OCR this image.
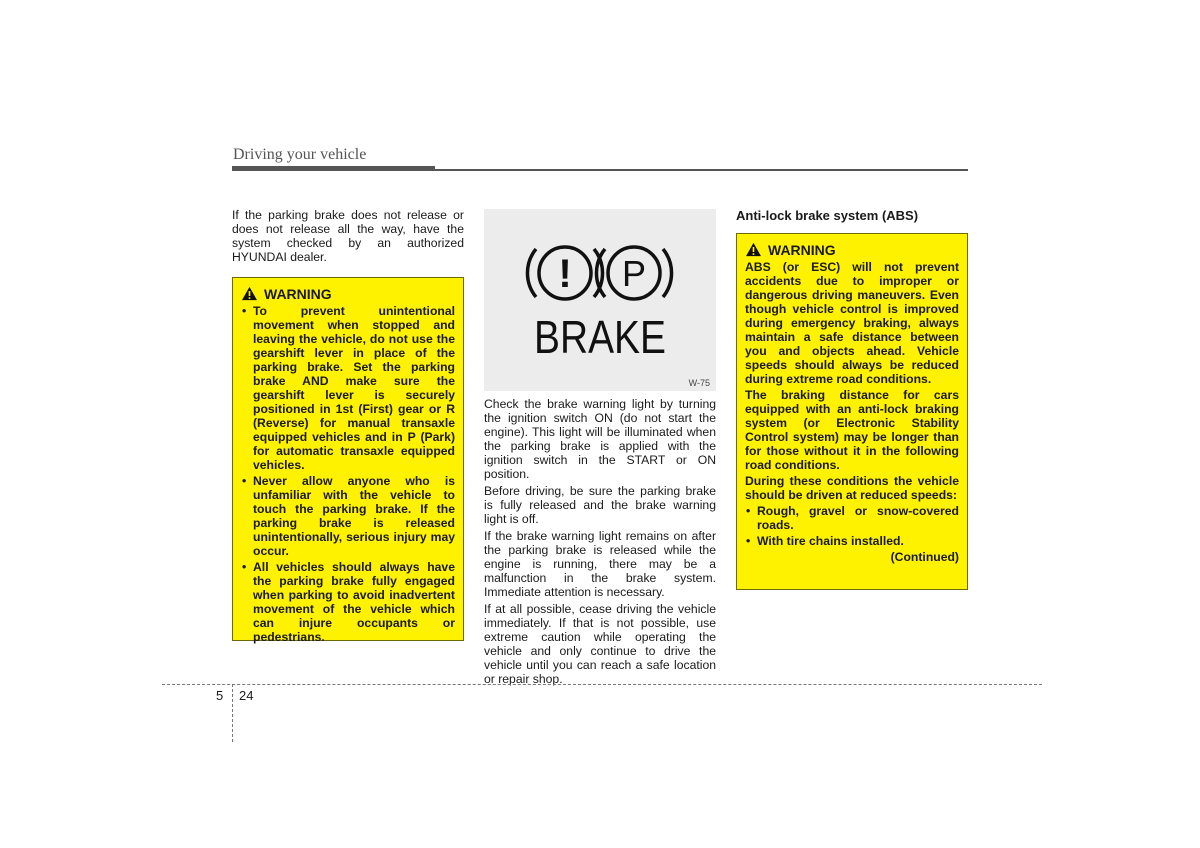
Driving your vehicle

If the parking brake does not release or does not release all the way, have the system checked by an authorized HYUNDAI dealer.

WARNING
• To prevent unintentional movement when stopped and leaving the vehicle, do not use the gearshift lever in place of the parking brake. Set the parking brake AND make sure the gearshift lever is securely positioned in 1st (First) gear or R (Reverse) for manual transaxle equipped vehicles and in P (Park) for automatic transaxle equipped vehicles.
• Never allow anyone who is unfamiliar with the vehicle to touch the parking brake. If the parking brake is released unintentionally, serious injury may occur.
• All vehicles should always have the parking brake fully engaged when parking to avoid inadvertent movement of the vehicle which can injure occupants or pedestrians.
! P
BRAKE
W-75

Check the brake warning light by turning the ignition switch ON (do not start the engine). This light will be illuminated when the parking brake is applied with the ignition switch in the START or ON position.

Before driving, be sure the parking brake is fully released and the brake warning light is off.

If the brake warning light remains on after the parking brake is released while the engine is running, there may be a malfunction in the brake system. Immediate attention is necessary.

If at all possible, cease driving the vehicle immediately. If that is not possible, use extreme caution while operating the vehicle and only continue to drive the vehicle until you can reach a safe location or repair shop.

Anti-lock brake system (ABS)
WARNING

ABS (or ESC) will not prevent accidents due to improper or dangerous driving maneuvers. Even though vehicle control is improved during emergency braking, always maintain a safe distance between you and objects ahead. Vehicle speeds should always be reduced during extreme road conditions.

The braking distance for cars equipped with an anti-lock braking system (or Electronic Stability Control system) may be longer than for those without it in the following road conditions.

During these conditions the vehicle should be driven at reduced speeds:

• Rough, gravel or snow-covered roads.
• With tire chains installed.
(Continued)
5 24
